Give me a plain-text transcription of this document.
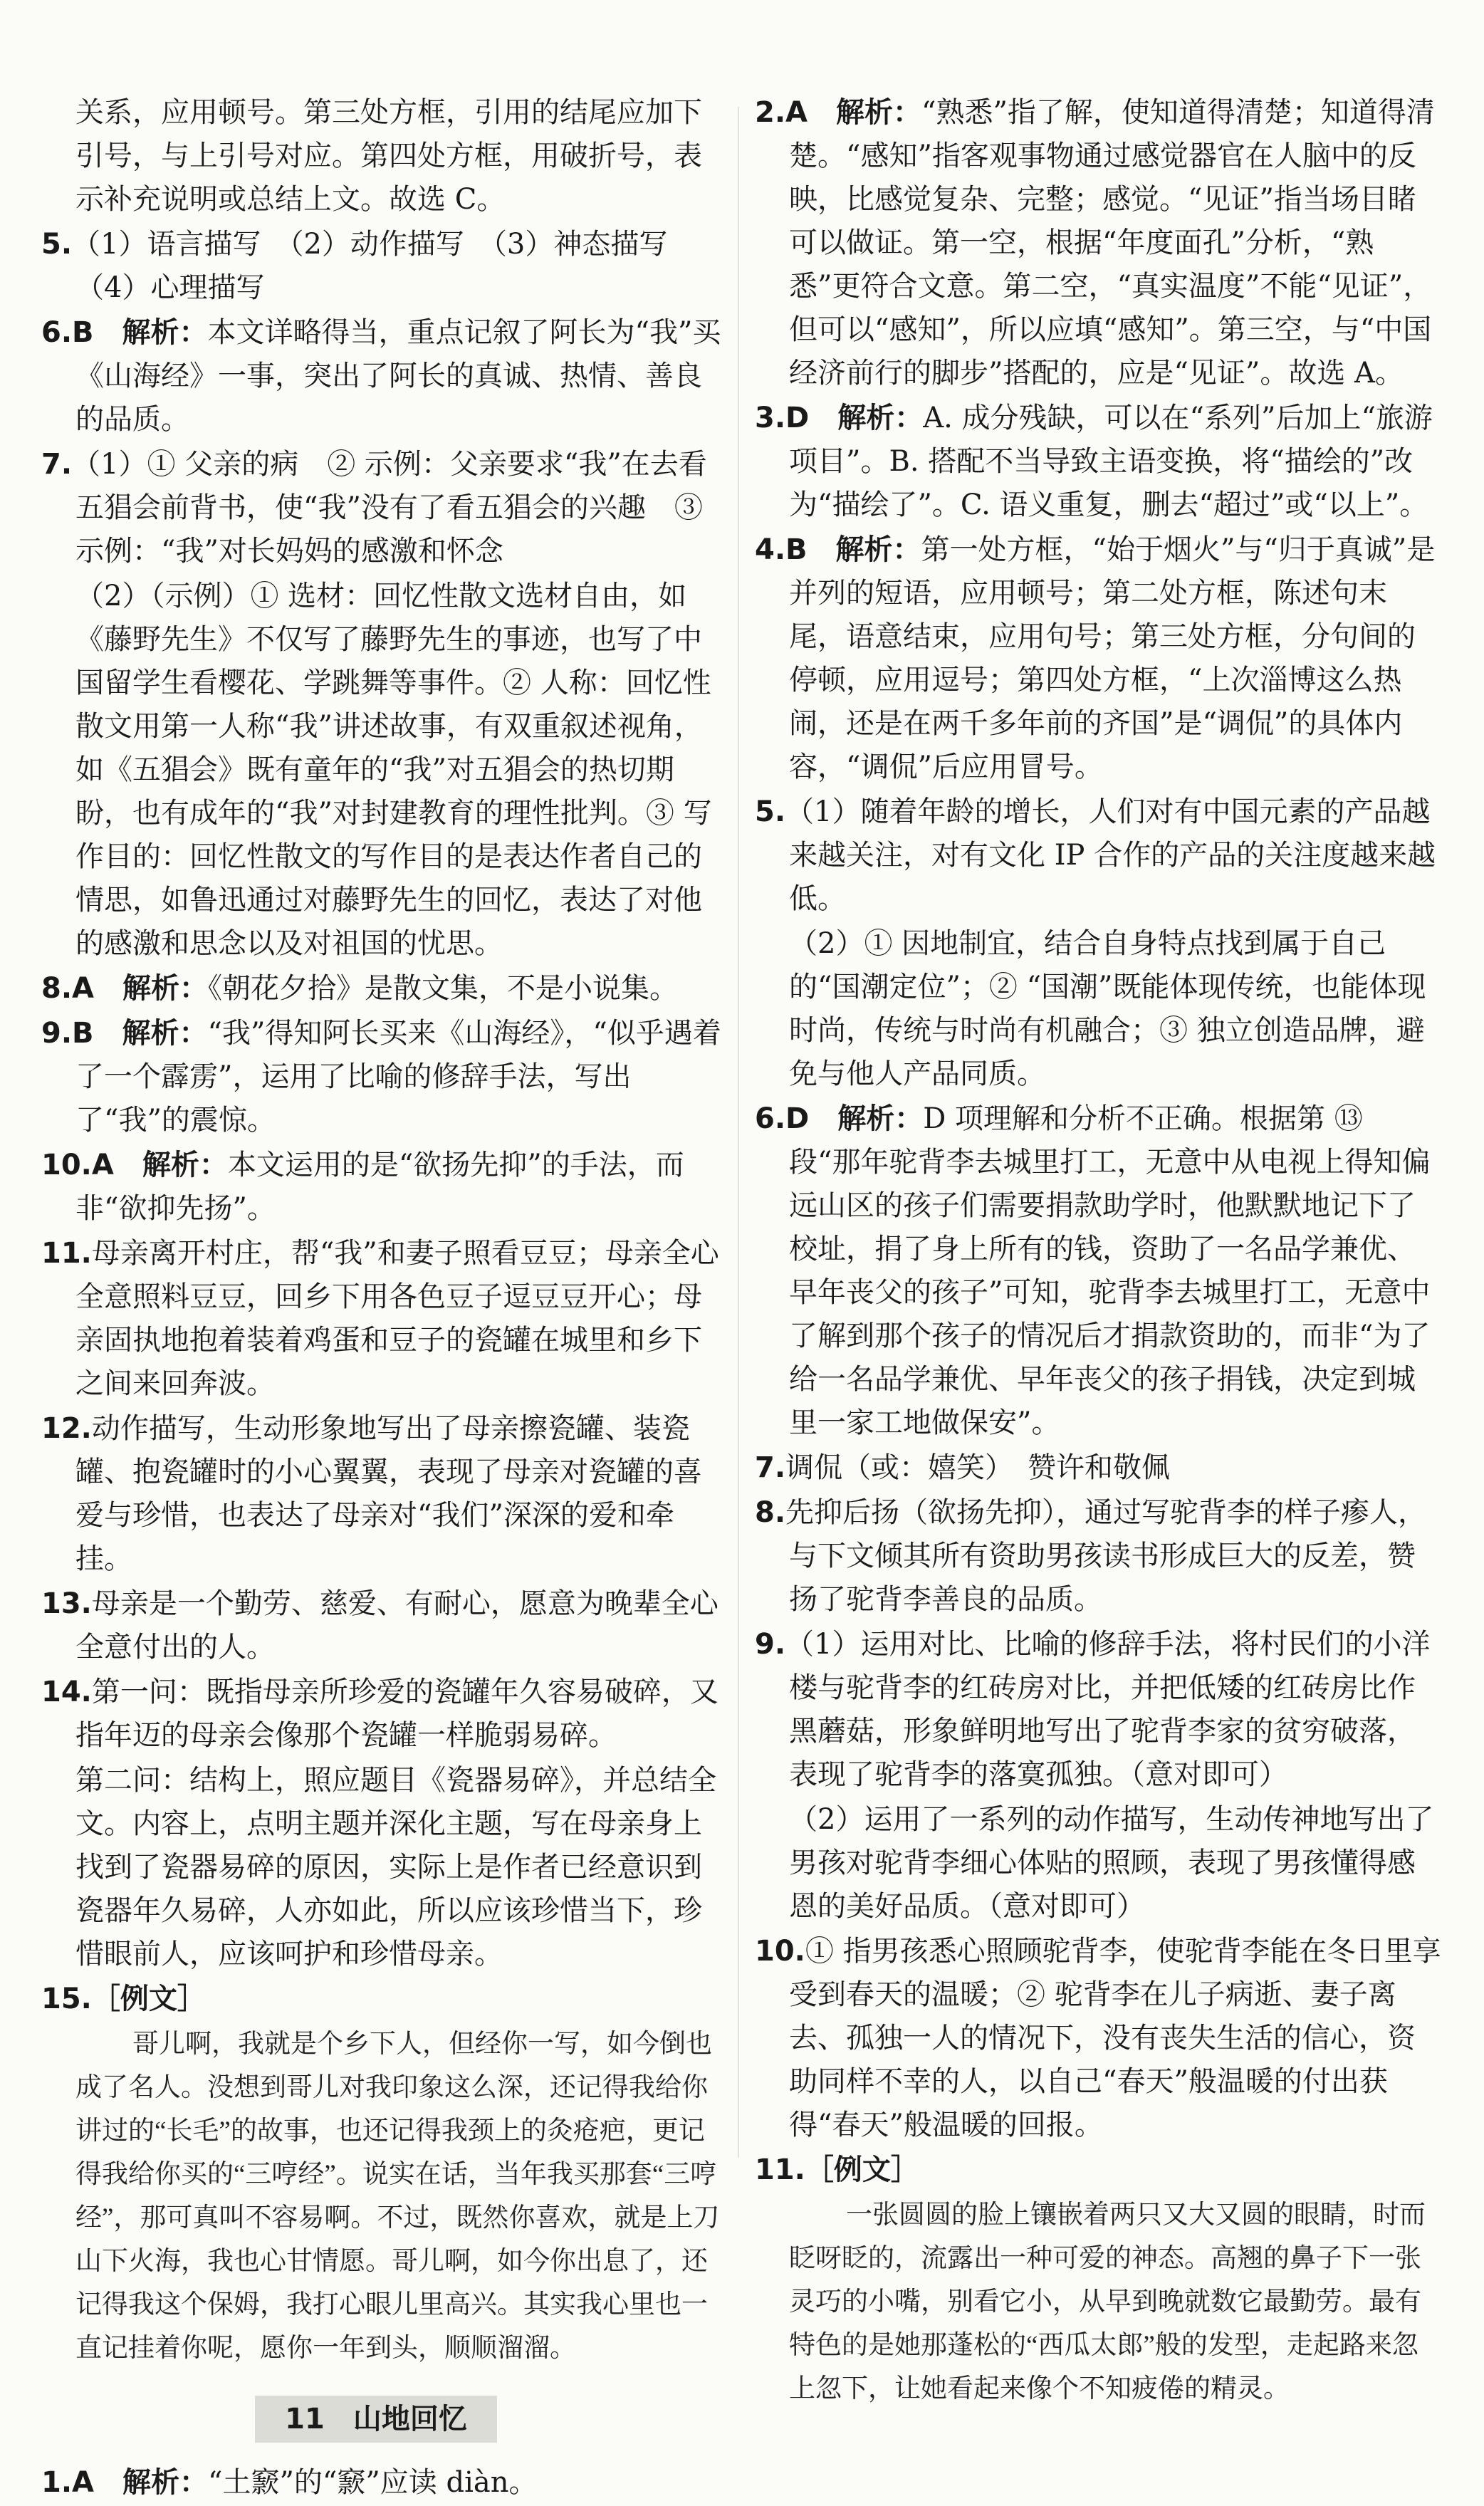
关系，应用顿号。第三处方框，引用的结尾应加下引号，与上引号对应。第四处方框，用破折号，表示补充说明或总结上文。故选 C。
5.（1）语言描写　（2）动作描写　（3）神态描写　（4）心理描写
6.B　 解析：本文详略得当，重点记叙了阿长为“我”买《山海经》一事，突出了阿长的真诚、热情、善良的品质。
7.（1）① 父亲的病　② 示例：父亲要求“我”在去看五猖会前背书，使“我”没有了看五猖会的兴趣　③ 示例：“我”对长妈妈的感激和怀念
（2）（示例）① 选材：回忆性散文选材自由，如《藤野先生》不仅写了藤野先生的事迹，也写了中国留学生看樱花、学跳舞等事件。② 人称：回忆性散文用第一人称“我”讲述故事，有双重叙述视角，如《五猖会》既有童年的“我”对五猖会的热切期盼，也有成年的“我”对封建教育的理性批判。③ 写作目的：回忆性散文的写作目的是表达作者自己的情思，如鲁迅通过对藤野先生的回忆，表达了对他的感激和思念以及对祖国的忧思。
8.A　 解析：《朝花夕拾》是散文集，不是小说集。
9.B　 解析：“我”得知阿长买来《山海经》，“似乎遇着了一个霹雳”，运用了比喻的修辞手法，写出了“我”的震惊。
10.A　 解析：本文运用的是“欲扬先抑”的手法，而非“欲抑先扬”。
11.母亲离开村庄，帮“我”和妻子照看豆豆；母亲全心全意照料豆豆，回乡下用各色豆子逗豆豆开心；母亲固执地抱着装着鸡蛋和豆子的瓷罐在城里和乡下之间来回奔波。
12.动作描写，生动形象地写出了母亲擦瓷罐、装瓷罐、抱瓷罐时的小心翼翼，表现了母亲对瓷罐的喜爱与珍惜，也表达了母亲对“我们”深深的爱和牵挂。
13.母亲是一个勤劳、慈爱、有耐心，愿意为晚辈全心全意付出的人。
14.第一问：既指母亲所珍爱的瓷罐年久容易破碎，又指年迈的母亲会像那个瓷罐一样脆弱易碎。
第二问：结构上，照应题目《瓷器易碎》，并总结全文。内容上，点明主题并深化主题，写在母亲身上找到了瓷器易碎的原因，实际上是作者已经意识到瓷器年久易碎，人亦如此，所以应该珍惜当下，珍惜眼前人，应该呵护和珍惜母亲。
15.［例文］

哥儿啊，我就是个乡下人，但经你一写，如今倒也成了名人。没想到哥儿对我印象这么深，还记得我给你讲过的“长毛”的故事，也还记得我颈上的灸疮疤，更记得我给你买的“三哼经”。说实在话，当年我买那套“三哼经”，那可真叫不容易啊。不过，既然你喜欢，就是上刀山下火海，我也心甘情愿。哥儿啊，如今你出息了，还记得我这个保姆，我打心眼儿里高兴。其实我心里也一直记挂着你呢，愿你一年到头，顺顺溜溜。

11　 山地回忆
1.A　 解析：“土窾”的“窾”应读 diàn。
2.A　 解析：“熟悉”指了解，使知道得清楚；知道得清楚。“感知”指客观事物通过感觉器官在人脑中的反映，比感觉复杂、完整；感觉。“见证”指当场目睹可以做证。第一空，根据“年度面孔”分析，“熟悉”更符合文意。第二空，“真实温度”不能“见证”，但可以“感知”，所以应填“感知”。第三空，与“中国经济前行的脚步”搭配的，应是“见证”。故选 A。
3.D　 解析：A. 成分残缺，可以在“系列”后加上“旅游项目”。B. 搭配不当导致主语变换，将“描绘的”改为“描绘了”。C. 语义重复，删去“超过”或“以上”。
4.B　 解析：第一处方框，“始于烟火”与“归于真诚”是并列的短语，应用顿号；第二处方框，陈述句末尾，语意结束，应用句号；第三处方框，分句间的停顿，应用逗号；第四处方框，“上次淄博这么热闹，还是在两千多年前的齐国”是“调侃”的具体内容，“调侃”后应用冒号。
5.（1）随着年龄的增长，人们对有中国元素的产品越来越关注，对有文化 IP 合作的产品的关注度越来越低。
（2）① 因地制宜，结合自身特点找到属于自己的“国潮定位”；② “国潮”既能体现传统，也能体现时尚，传统与时尚有机融合；③ 独立创造品牌，避免与他人产品同质。
6.D　 解析：D 项理解和分析不正确。根据第 ⑬ 段“那年驼背李去城里打工，无意中从电视上得知偏远山区的孩子们需要捐款助学时，他默默地记下了校址，捐了身上所有的钱，资助了一名品学兼优、早年丧父的孩子”可知，驼背李去城里打工，无意中了解到那个孩子的情况后才捐款资助的，而非“为了给一名品学兼优、早年丧父的孩子捐钱，决定到城里一家工地做保安”。
7.调侃（或：嬉笑）　赞许和敬佩
8.先抑后扬（欲扬先抑），通过写驼背李的样子瘆人，与下文倾其所有资助男孩读书形成巨大的反差，赞扬了驼背李善良的品质。
9.（1）运用对比、比喻的修辞手法，将村民们的小洋楼与驼背李的红砖房对比，并把低矮的红砖房比作黑蘑菇，形象鲜明地写出了驼背李家的贫穷破落，表现了驼背李的落寞孤独。（意对即可）
（2）运用了一系列的动作描写，生动传神地写出了男孩对驼背李细心体贴的照顾，表现了男孩懂得感恩的美好品质。（意对即可）
10.① 指男孩悉心照顾驼背李，使驼背李能在冬日里享受到春天的温暖；② 驼背李在儿子病逝、妻子离去、孤独一人的情况下，没有丧失生活的信心，资助同样不幸的人，以自己“春天”般温暖的付出获得“春天”般温暖的回报。
11.［例文］

一张圆圆的脸上镶嵌着两只又大又圆的眼睛，时而眨呀眨的，流露出一种可爱的神态。高翘的鼻子下一张灵巧的小嘴，别看它小，从早到晚就数它最勤劳。最有特色的是她那蓬松的“西瓜太郎”般的发型，走起路来忽上忽下，让她看起来像个不知疲倦的精灵。
